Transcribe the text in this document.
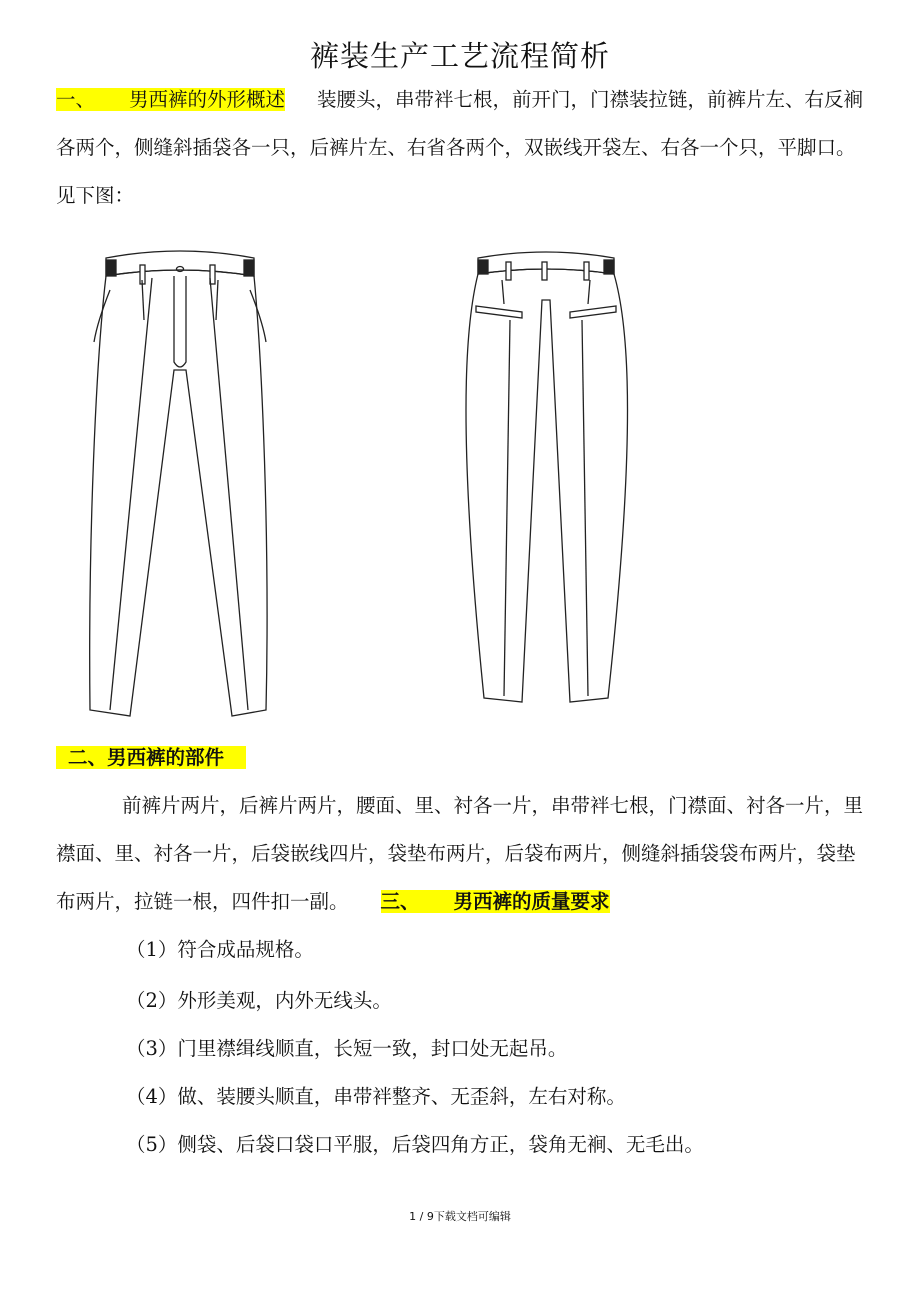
裤装生产工艺流程简析

一、 男西裤的外形概述 装腰头，串带袢七根，前开门，门襟装拉链，前裤片左、右反裥各两个，侧缝斜插袋各一只，后裤片左、右省各两个，双嵌线开袋左、右各一个只，平脚口。见下图：

二、男西裤的部件

前裤片两片，后裤片两片，腰面、里、衬各一片，串带袢七根，门襟面、衬各一片，里襟面、里、衬各一片，后袋嵌线四片，袋垫布两片，后袋布两片，侧缝斜插袋袋布两片，袋垫布两片，拉链一根，四件扣一副。 三、 男西裤的质量要求

（1）符合成品规格。

（2）外形美观，内外无线头。

（3）门里襟缉线顺直，长短一致，封口处无起吊。

（4）做、装腰头顺直，串带袢整齐、无歪斜，左右对称。

（5）侧袋、后袋口袋口平服，后袋四角方正，袋角无裥、无毛出。

1 / 9下载文档可编辑
